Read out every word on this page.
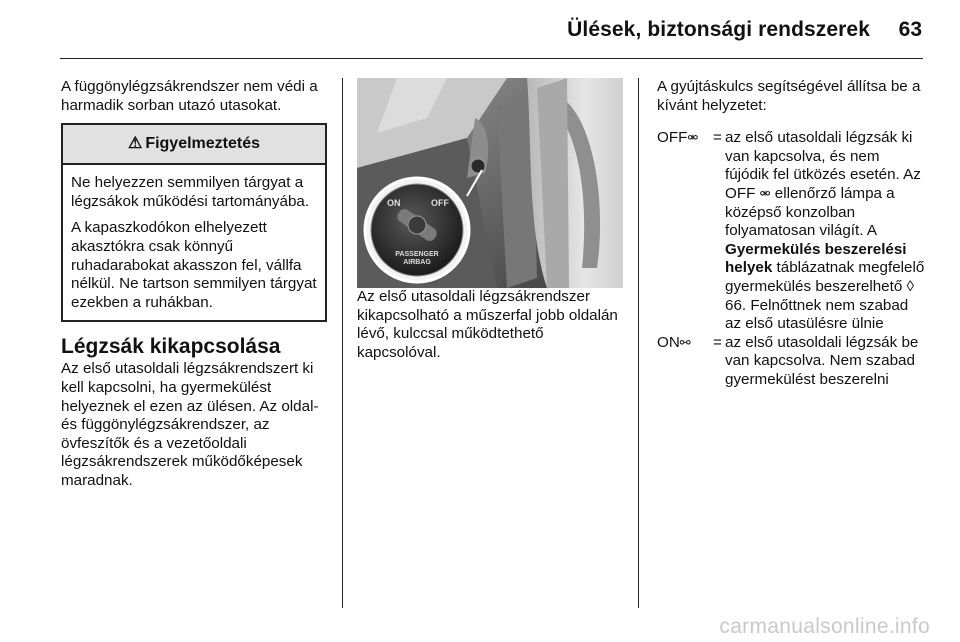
Ülések, biztonsági rendszerek	63

A függönylégzsákrendszer nem védi a harmadik sorban utazó utasokat.

⚠ Figyelmeztetés

Ne helyezzen semmilyen tárgyat a légzsákok működési tartományába.

A kapaszkodókon elhelyezett akasztókra csak könnyű ruhadarabokat akasszon fel, vállfa nélkül. Ne tartson semmilyen tárgyat ezekben a ruhákban.

Légzsák kikapcsolása

Az első utasoldali légzsákrendszert ki kell kapcsolni, ha gyermekülést helyeznek el ezen az ülésen. Az oldal- és függönylégzsákrendszer, az övfeszítők és a vezetőoldali légzsákrendszerek működőképesek maradnak.

ON	OFF
PASSENGER
AIRBAG

Az első utasoldali légzsákrendszer kikapcsolható a műszerfal jobb oldalán lévő, kulccsal működtethető kapcsolóval.

A gyújtáskulcs segítségével állítsa be a kívánt helyzetet:

OFF⚮ = az első utasoldali légzsák ki van kapcsolva, és nem fújódik fel ütközés esetén. Az OFF ⚮ ellenőrző lámpa a középső konzolban folyamatosan világít. A Gyermekülés beszerelési helyek táblázatnak megfelelő gyermekülés beszerelhető ◊ 66. Felnőttnek nem szabad az első utasülésre ülnie
ON⚯	= az első utasoldali légzsák be van kapcsolva. Nem szabad gyermekülést beszerelni
carmanualsonline.info
